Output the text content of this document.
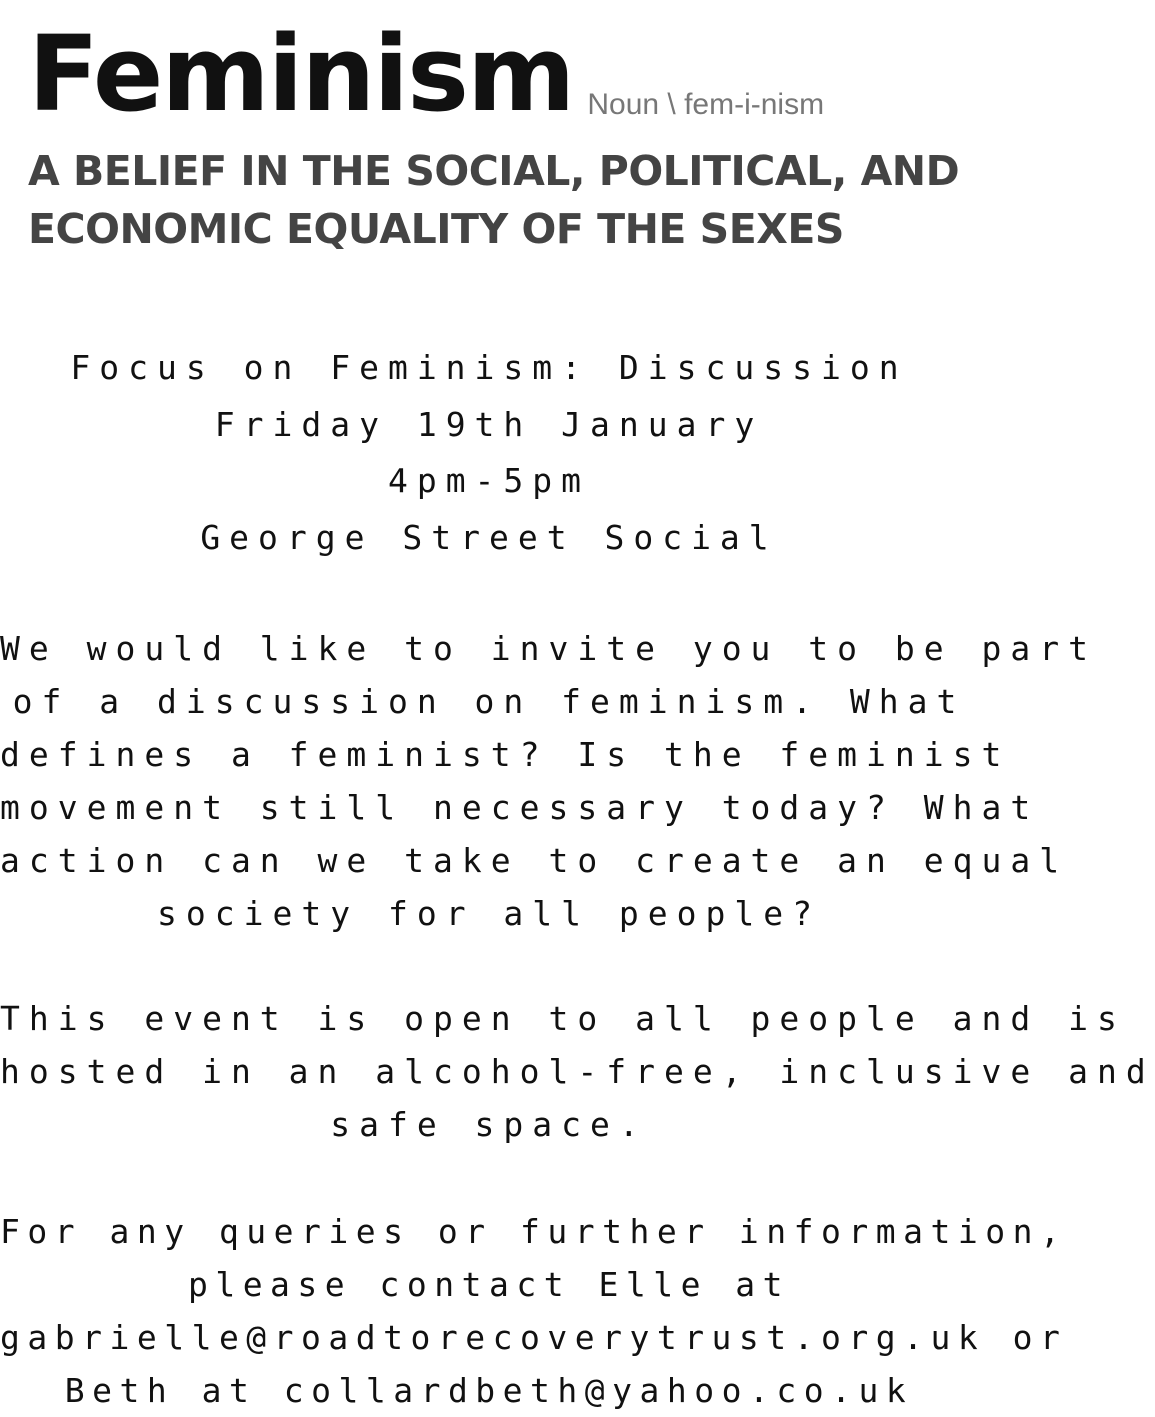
Feminism Noun \ fem-i-nism
A BELIEF IN THE SOCIAL, POLITICAL, AND
ECONOMIC EQUALITY OF THE SEXES
Focus on Feminism: Discussion
Friday 19th January
4pm-5pm
George Street Social
We would like to invite you to be part
of a discussion on feminism. What
defines a feminist? Is the feminist
movement still necessary today? What
action can we take to create an equal
society for all people?
This event is open to all people and is
hosted in an alcohol-free, inclusive and
safe space.
For any queries or further information,
please contact Elle at
gabrielle@roadtorecoverytrust.org.uk or
Beth at collardbeth@yahoo.co.uk
